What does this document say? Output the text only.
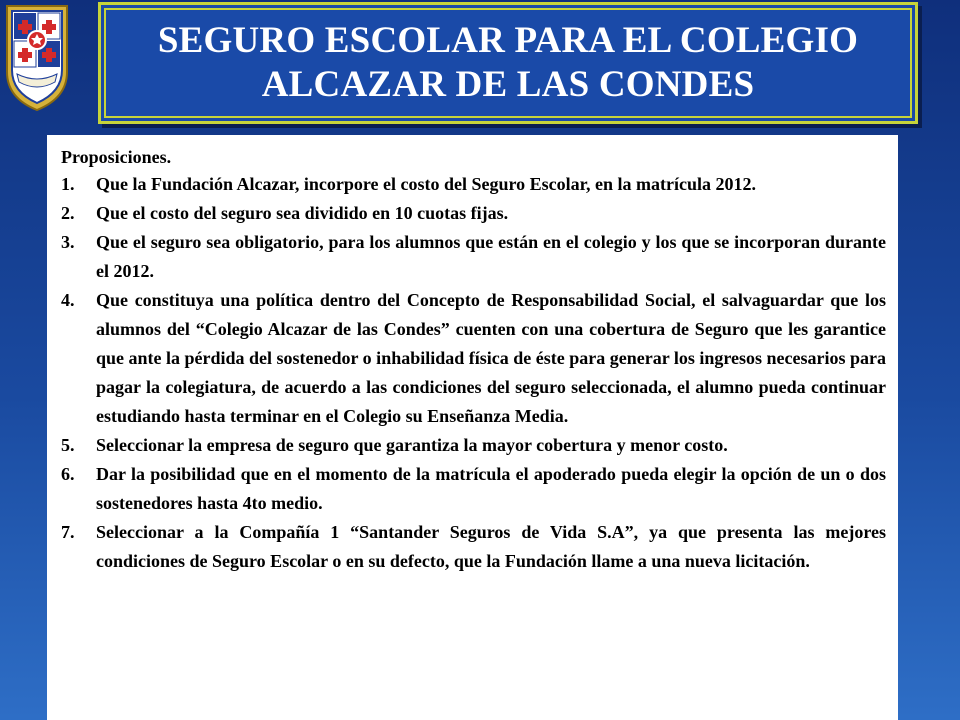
SEGURO ESCOLAR PARA EL COLEGIO
ALCAZAR DE LAS CONDES
Proposiciones.
1.	Que la Fundación Alcazar, incorpore el costo del Seguro Escolar, en la matrícula 2012.
2.	Que el costo del seguro sea dividido en 10 cuotas fijas.
3.	Que el seguro sea obligatorio, para los alumnos que están en el colegio y los que se incorporan durante el 2012.
4.	Que constituya una política dentro del Concepto de Responsabilidad Social, el salvaguardar que los alumnos del “Colegio Alcazar de las Condes” cuenten con una cobertura de Seguro que les garantice que ante la pérdida del sostenedor o inhabilidad física de éste para generar los ingresos necesarios para pagar la colegiatura, de acuerdo a las condiciones del seguro seleccionada, el alumno pueda continuar estudiando hasta terminar en el Colegio su Enseñanza Media.
5.	Seleccionar la empresa de seguro que garantiza la mayor cobertura y menor costo.
6.	Dar la posibilidad que en el momento de la matrícula el apoderado pueda elegir la opción de un o dos sostenedores hasta 4to medio.
7.	Seleccionar a la Compañía 1 “Santander Seguros de Vida S.A”, ya que presenta las mejores condiciones de Seguro Escolar o en su defecto, que la Fundación llame a una nueva licitación.
